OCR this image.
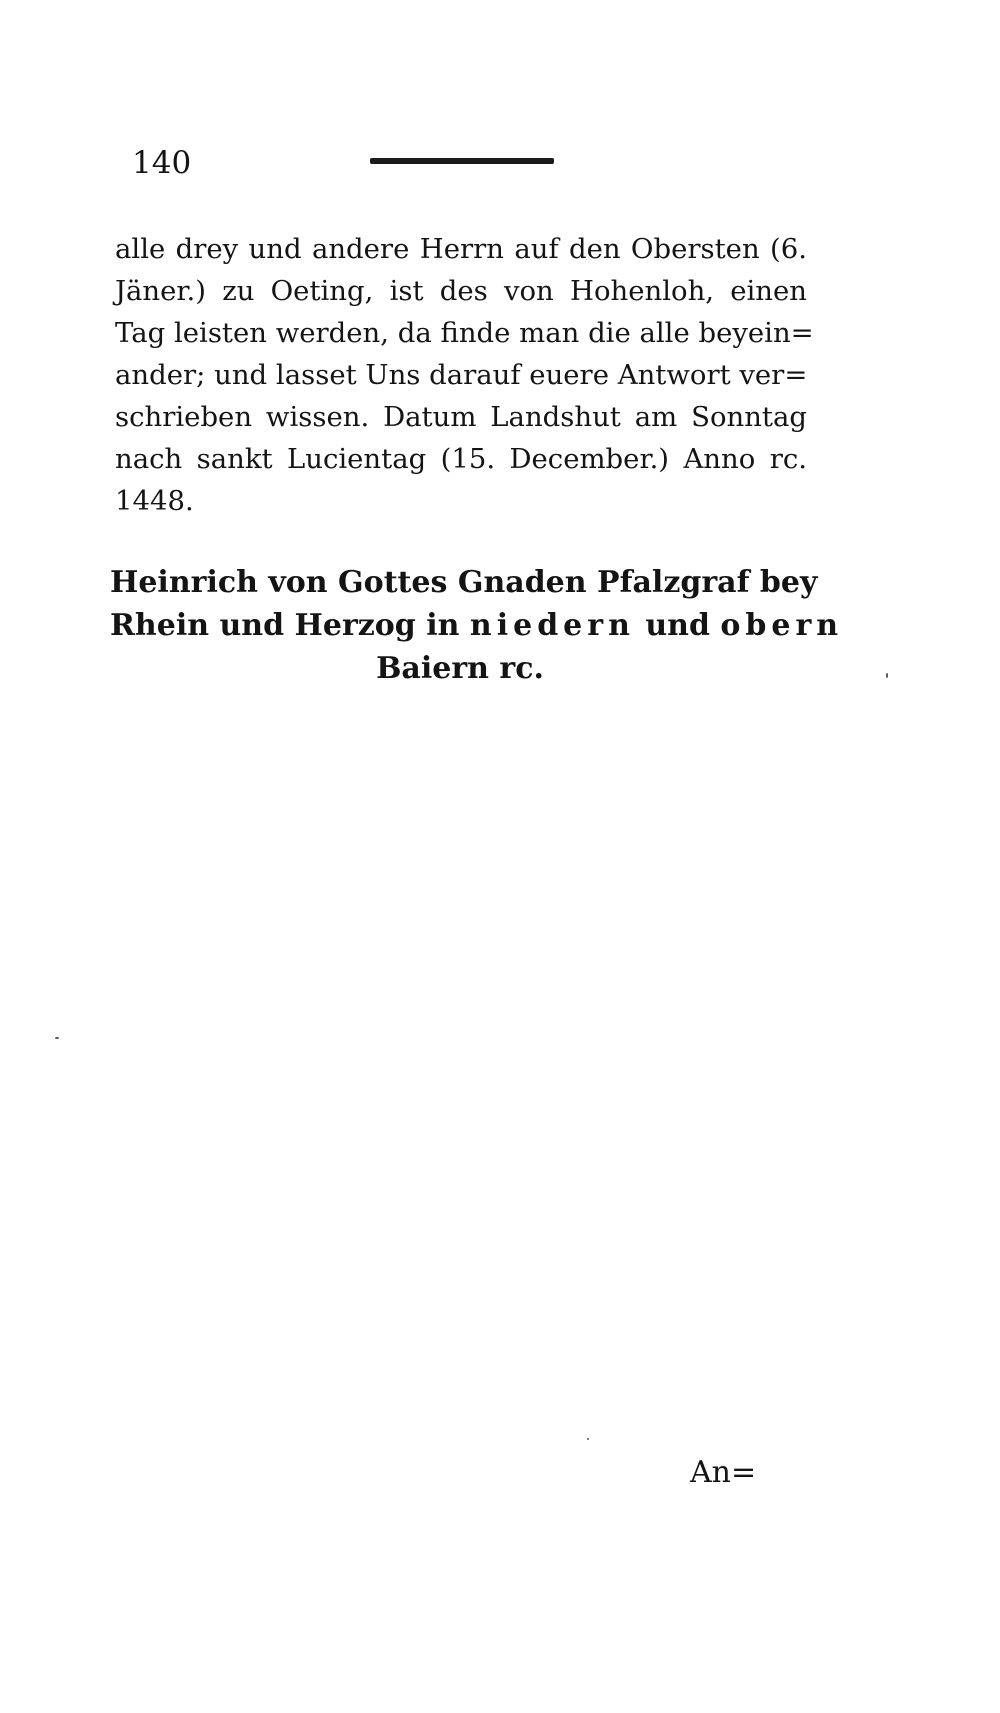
140
alle drey und andere Herrn auf den Obersten (6.
Jäner.) zu Oeting, ist des von Hohenloh, einen
Tag leisten werden, da finde man die alle beyein=
ander; und lasset Uns darauf euere Antwort ver=
schrieben wissen. Datum Landshut am Sonntag
nach sankt Lucientag (15. December.) Anno rc.
1448.
Heinrich von Gottes Gnaden Pfalzgraf bey
Rhein und Herzog in niedern und obern
Baiern rc.
An=
